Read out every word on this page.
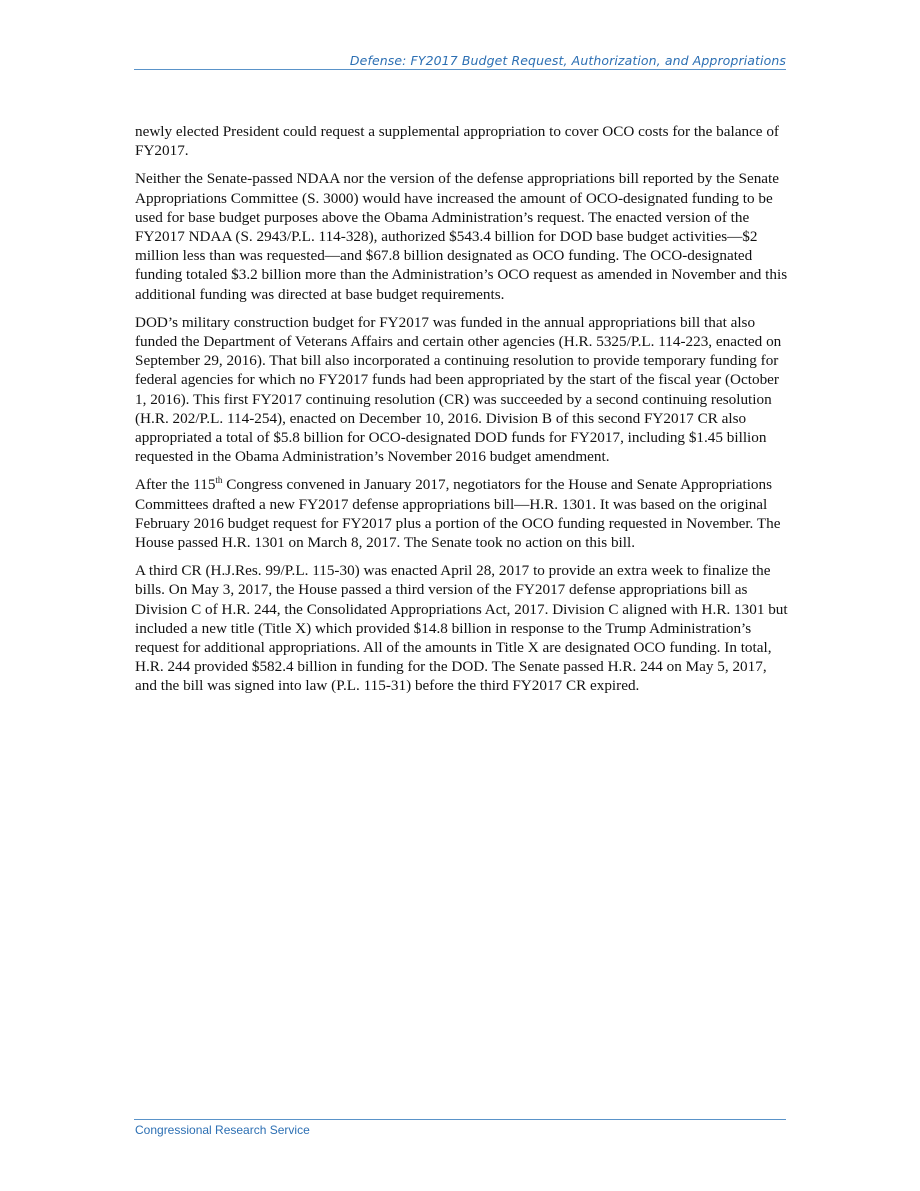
Defense: FY2017 Budget Request, Authorization, and Appropriations

newly elected President could request a supplemental appropriation to cover OCO costs for the balance of FY2017.

Neither the Senate-passed NDAA nor the version of the defense appropriations bill reported by the Senate Appropriations Committee (S. 3000) would have increased the amount of OCO-designated funding to be used for base budget purposes above the Obama Administration’s request. The enacted version of the FY2017 NDAA (S. 2943/P.L. 114-328), authorized $543.4 billion for DOD base budget activities—$2 million less than was requested—and $67.8 billion designated as OCO funding. The OCO-designated funding totaled $3.2 billion more than the Administration’s OCO request as amended in November and this additional funding was directed at base budget requirements.

DOD’s military construction budget for FY2017 was funded in the annual appropriations bill that also funded the Department of Veterans Affairs and certain other agencies (H.R. 5325/P.L. 114-223, enacted on September 29, 2016). That bill also incorporated a continuing resolution to provide temporary funding for federal agencies for which no FY2017 funds had been appropriated by the start of the fiscal year (October 1, 2016). This first FY2017 continuing resolution (CR) was succeeded by a second continuing resolution (H.R. 202/P.L. 114-254), enacted on December 10, 2016. Division B of this second FY2017 CR also appropriated a total of $5.8 billion for OCO-designated DOD funds for FY2017, including $1.45 billion requested in the Obama Administration’s November 2016 budget amendment.

After the 115th Congress convened in January 2017, negotiators for the House and Senate Appropriations Committees drafted a new FY2017 defense appropriations bill—H.R. 1301. It was based on the original February 2016 budget request for FY2017 plus a portion of the OCO funding requested in November. The House passed H.R. 1301 on March 8, 2017. The Senate took no action on this bill.

A third CR (H.J.Res. 99/P.L. 115-30) was enacted April 28, 2017 to provide an extra week to finalize the bills. On May 3, 2017, the House passed a third version of the FY2017 defense appropriations bill as Division C of H.R. 244, the Consolidated Appropriations Act, 2017. Division C aligned with H.R. 1301 but included a new title (Title X) which provided $14.8 billion in response to the Trump Administration’s request for additional appropriations. All of the amounts in Title X are designated OCO funding. In total, H.R. 244 provided $582.4 billion in funding for the DOD. The Senate passed H.R. 244 on May 5, 2017, and the bill was signed into law (P.L. 115-31) before the third FY2017 CR expired.

Congressional Research Service
